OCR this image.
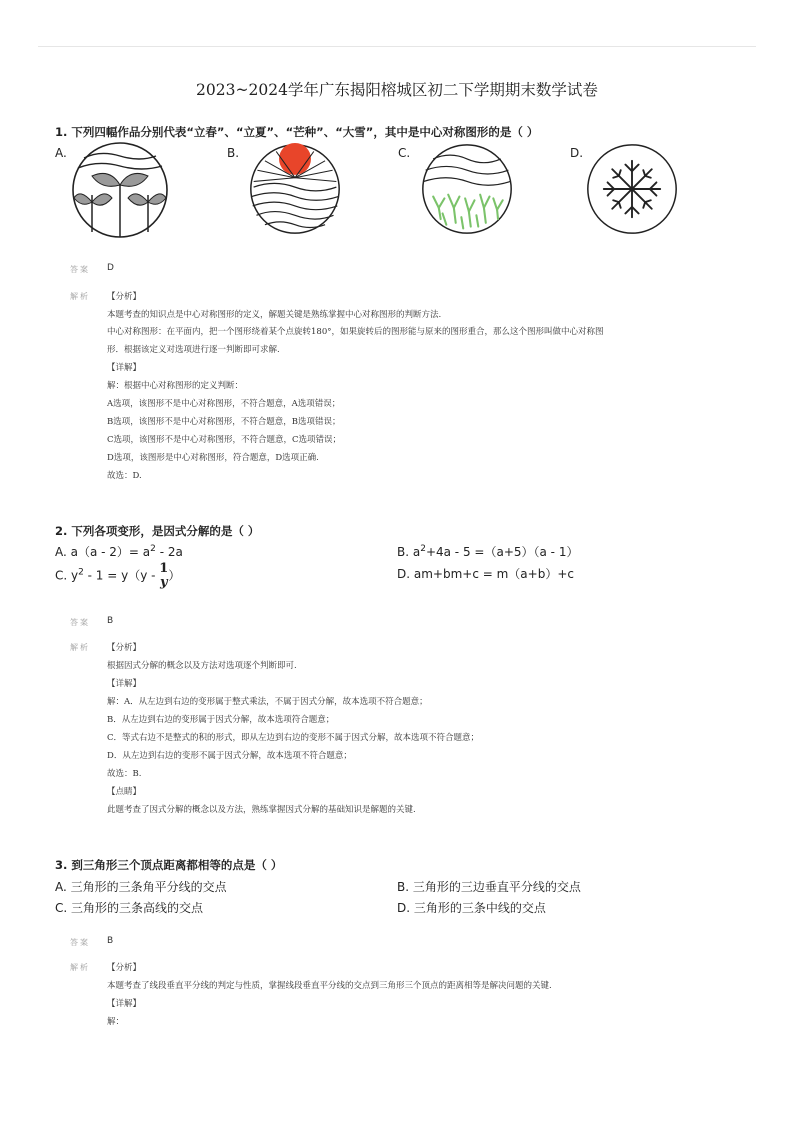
2023~2024学年广东揭阳榕城区初二下学期期末数学试卷
1. 下列四幅作品分别代表“立春”、“立夏”、“芒种”、“大雪”，其中是中心对称图形的是（ ）
A.	B.	C.	D.
答案 D
解析 【分析】
本题考查的知识点是中心对称图形的定义，解题关键是熟练掌握中心对称图形的判断方法.
中心对称图形：在平面内，把一个图形绕着某个点旋转180°，如果旋转后的图形能与原来的图形重合，那么这个图形叫做中心对称图
形．根据该定义对选项进行逐一判断即可求解.
【详解】
解：根据中心对称图形的定义判断：
A选项，该图形不是中心对称图形，不符合题意，A选项错误；
B选项，该图形不是中心对称图形，不符合题意，B选项错误；
C选项，该图形不是中心对称图形，不符合题意，C选项错误；
D选项，该图形是中心对称图形，符合题意，D选项正确.
故选：D.
2. 下列各项变形，是因式分解的是（ ）
A. $a(a - 2)= a^2 - 2a$	B. $a^2+4a - 5 =(a+5)(a - 1)$
C. $y^2 - 1 = y(y - 1$
y ）	D. am+bm+c = m（a+b）+c
答案 B
解析 【分析】
根据因式分解的概念以及方法对选项逐个判断即可.
【详解】
解：A．从左边到右边的变形属于整式乘法，不属于因式分解，故本选项不符合题意；
B．从左边到右边的变形属于因式分解，故本选项符合题意；
C．等式右边不是整式的积的形式，即从左边到右边的变形不属于因式分解，故本选项不符合题意；
D．从左边到右边的变形不属于因式分解，故本选项不符合题意；
故选：B.
【点睛】
此题考查了因式分解的概念以及方法，熟练掌握因式分解的基础知识是解题的关键.
3. 到三角形三个顶点距离都相等的点是（ ）
A. 三角形的三条角平分线的交点	B. 三角形的三边垂直平分线的交点
C. 三角形的三条高线的交点	D. 三角形的三条中线的交点
答案 B
解析 【分析】
本题考查了线段垂直平分线的判定与性质，掌握线段垂直平分线的交点到三角形三个顶点的距离相等是解决问题的关键.
【详解】
解：
